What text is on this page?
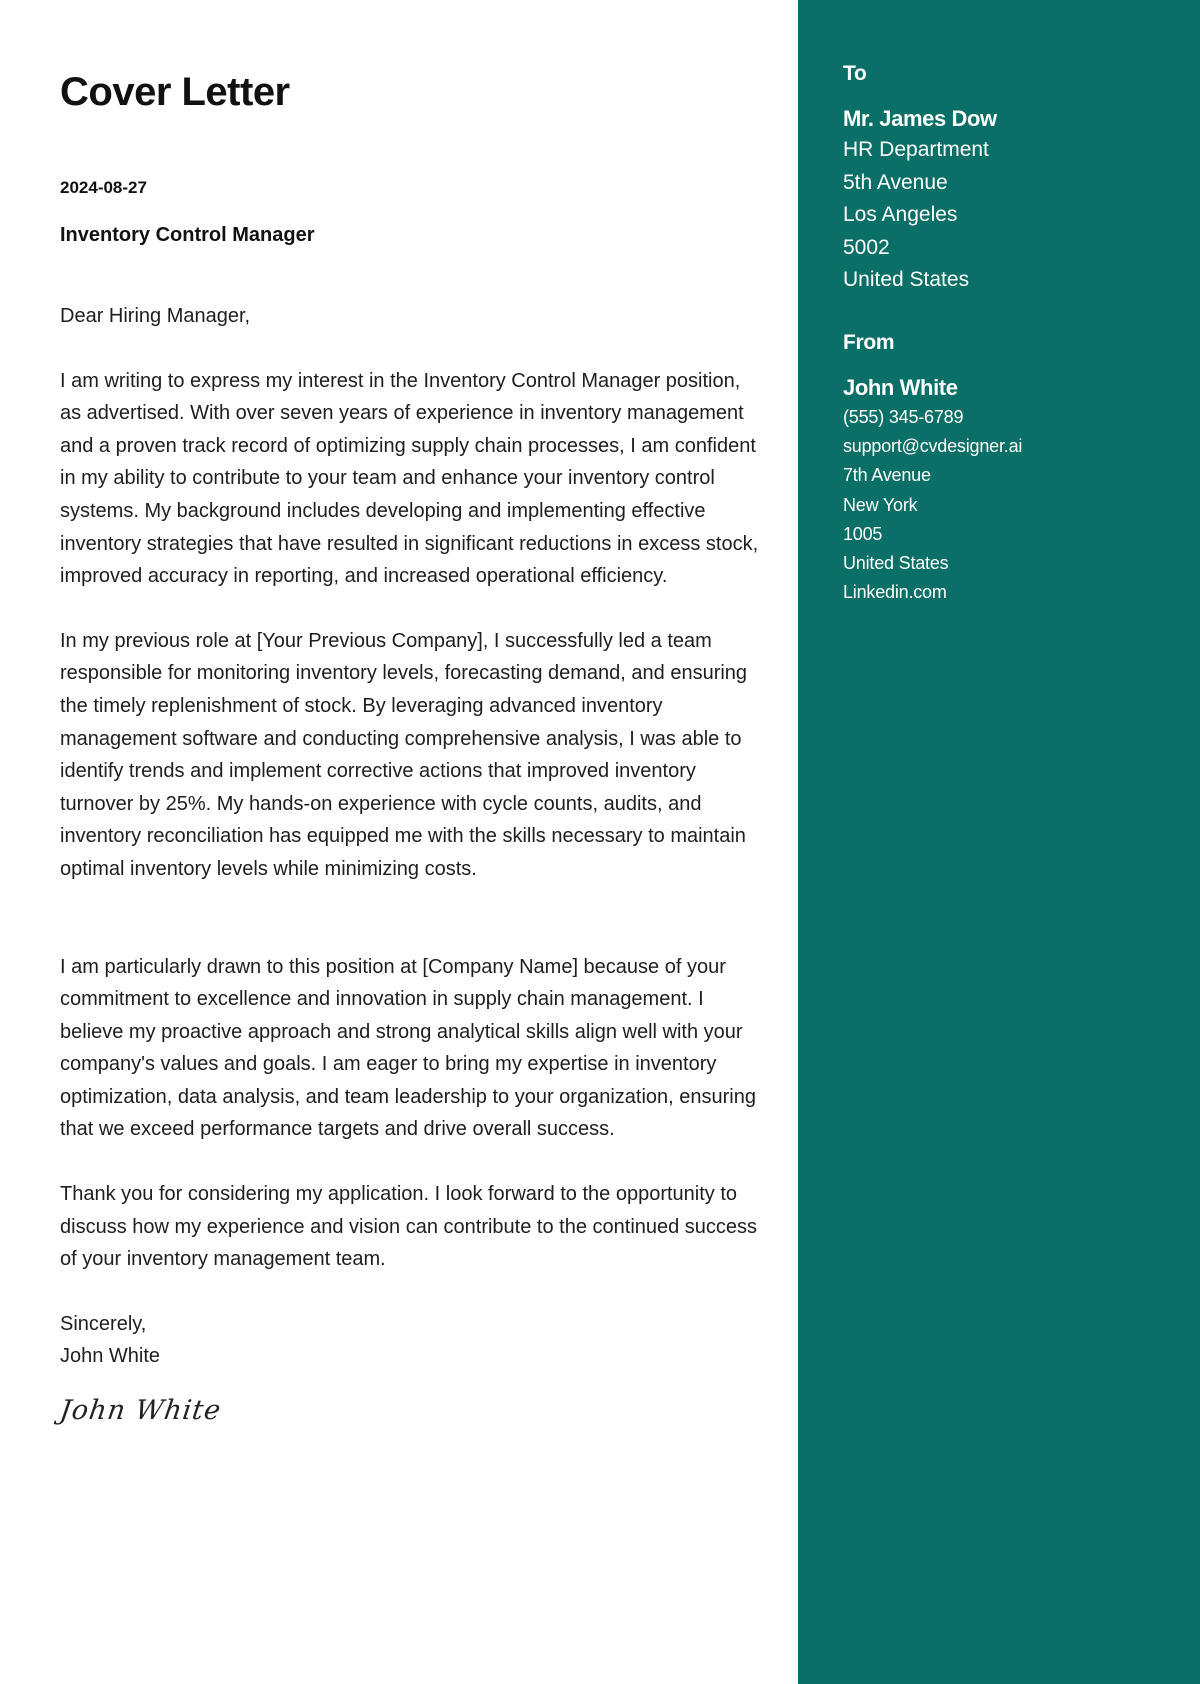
Cover Letter
2024-08-27
Inventory Control Manager

Dear Hiring Manager,

I am writing to express my interest in the Inventory Control Manager position, as advertised. With over seven years of experience in inventory management and a proven track record of optimizing supply chain processes, I am confident in my ability to contribute to your team and enhance your inventory control systems. My background includes developing and implementing effective inventory strategies that have resulted in significant reductions in excess stock, improved accuracy in reporting, and increased operational efficiency.

In my previous role at [Your Previous Company], I successfully led a team responsible for monitoring inventory levels, forecasting demand, and ensuring the timely replenishment of stock. By leveraging advanced inventory management software and conducting comprehensive analysis, I was able to identify trends and implement corrective actions that improved inventory turnover by 25%. My hands-on experience with cycle counts, audits, and inventory reconciliation has equipped me with the skills necessary to maintain optimal inventory levels while minimizing costs.

I am particularly drawn to this position at [Company Name] because of your commitment to excellence and innovation in supply chain management. I believe my proactive approach and strong analytical skills align well with your company's values and goals. I am eager to bring my expertise in inventory optimization, data analysis, and team leadership to your organization, ensuring that we exceed performance targets and drive overall success.

Thank you for considering my application. I look forward to the opportunity to discuss how my experience and vision can contribute to the continued success of your inventory management team.

Sincerely,
John White
John White
To
Mr. James Dow
HR Department
5th Avenue
Los Angeles
5002
United States
From
John White
(555) 345-6789
support@cvdesigner.ai
7th Avenue
New York
1005
United States
Linkedin.com
